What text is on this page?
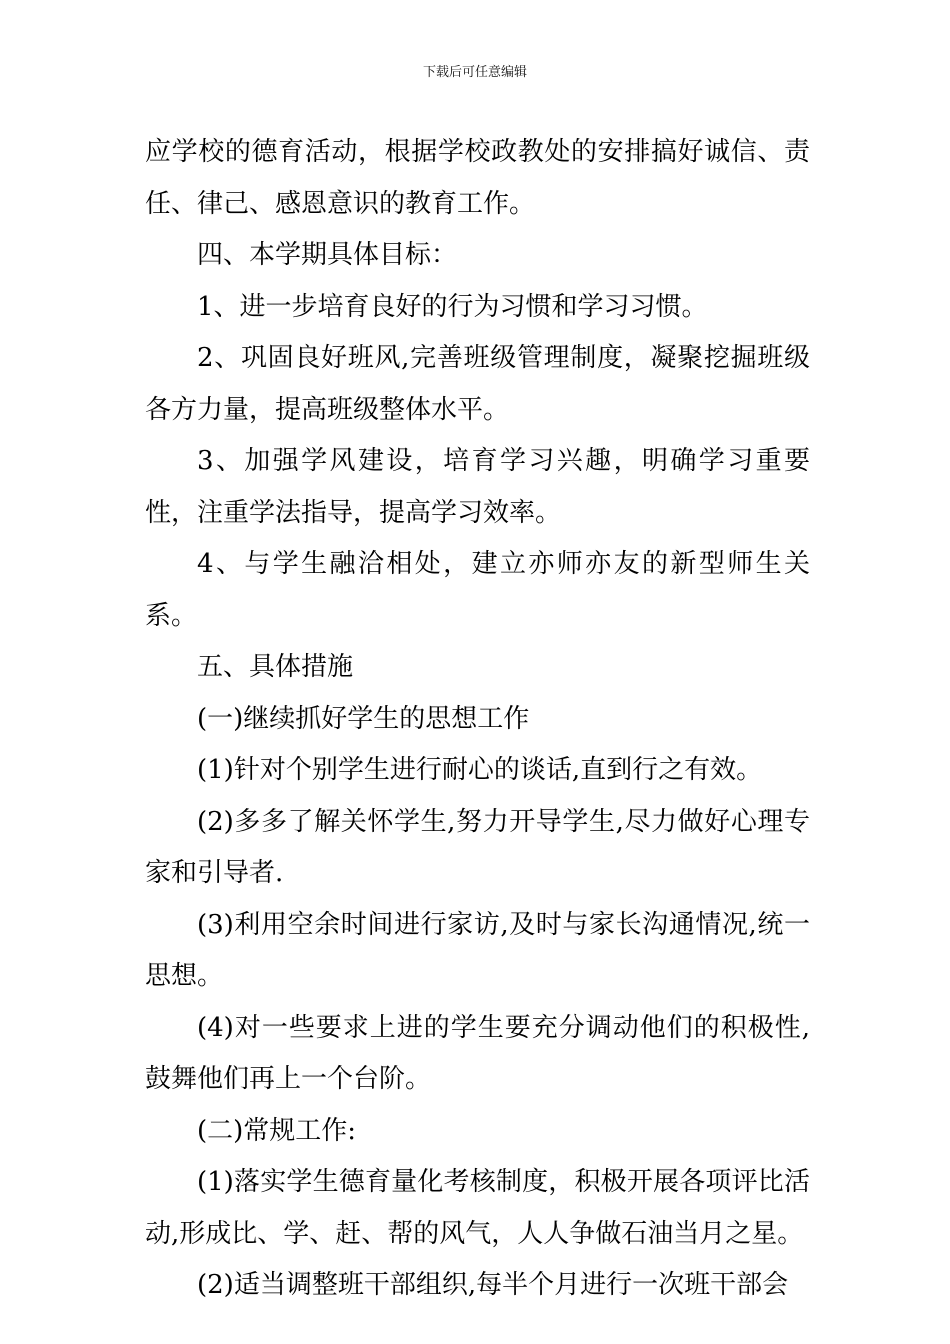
下载后可任意编辑

应学校的德育活动，根据学校政教处的安排搞好诚信、责任、律己、感恩意识的教育工作。

四、本学期具体目标：

1、进一步培育良好的行为习惯和学习习惯。

2、巩固良好班风,完善班级管理制度，凝聚挖掘班级各方力量，提高班级整体水平。

3、加强学风建设，培育学习兴趣，明确学习重要性，注重学法指导，提高学习效率。

4、与学生融洽相处，建立亦师亦友的新型师生关系。

五、具体措施

(一)继续抓好学生的思想工作

(1)针对个别学生进行耐心的谈话,直到行之有效。

(2)多多了解关怀学生,努力开导学生,尽力做好心理专家和引导者.

(3)利用空余时间进行家访,及时与家长沟通情况,统一思想。

(4)对一些要求上进的学生要充分调动他们的积极性,鼓舞他们再上一个台阶。

(二)常规工作:

(1)落实学生德育量化考核制度，积极开展各项评比活动,形成比、学、赶、帮的风气，人人争做石油当月之星。

(2)适当调整班干部组织,每半个月进行一次班干部会
